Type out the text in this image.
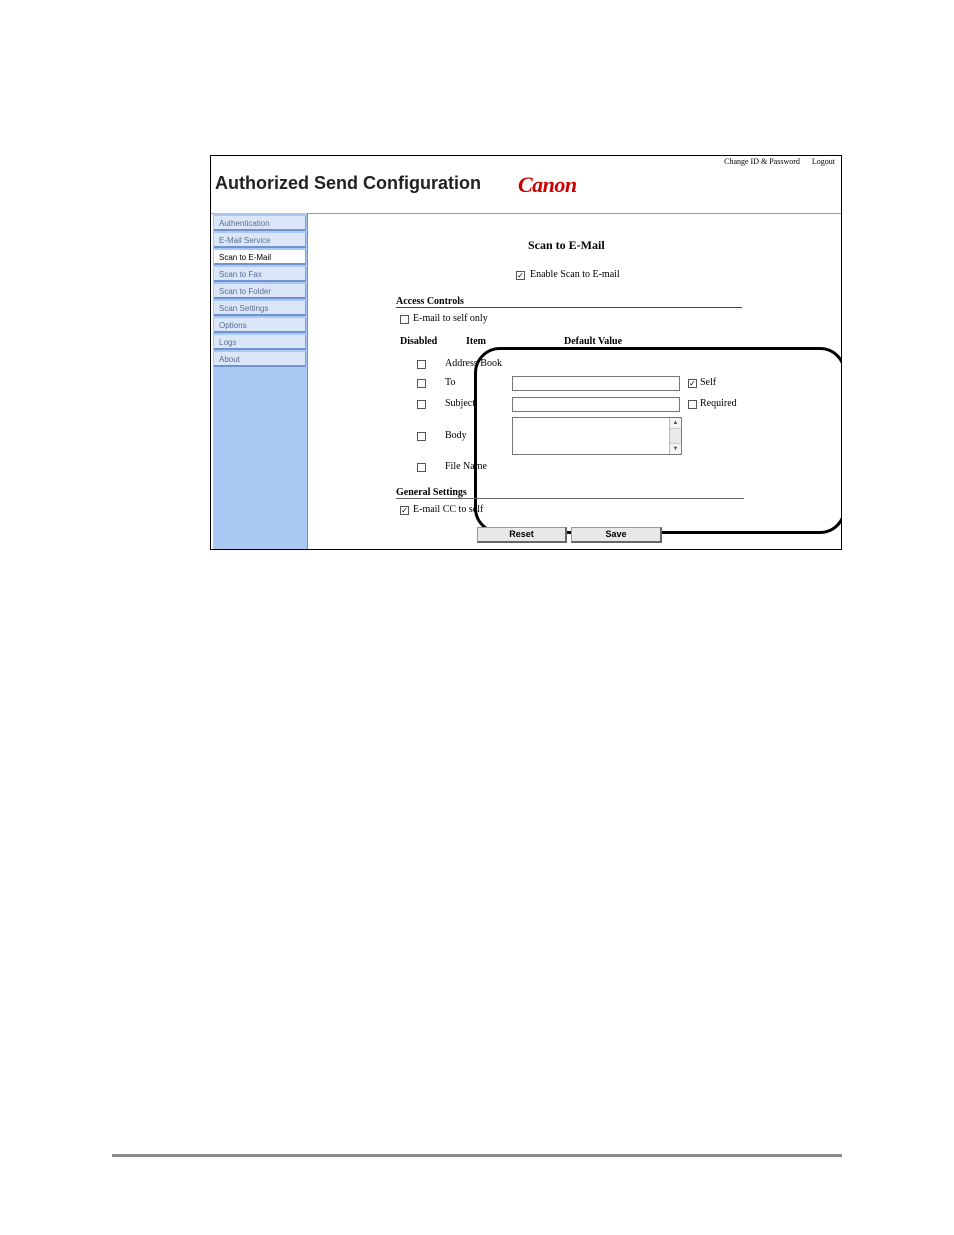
Authorized Send Configuration Canon
Change ID & Password Logout
Authentication
E-Mail Service
Scan to E-Mail
Scan to Fax
Scan to Folder
Scan Settings
Options
Logs
About
Scan to E-Mail
✓ Enable Scan to E-mail
Access Controls
E-mail to self only
Disabled	Item	Default Value
Address Book
To	✓ Self
Subject	Required
Body
▲
▼
File Name
General Settings
✓ E-mail CC to self
Reset	Save
